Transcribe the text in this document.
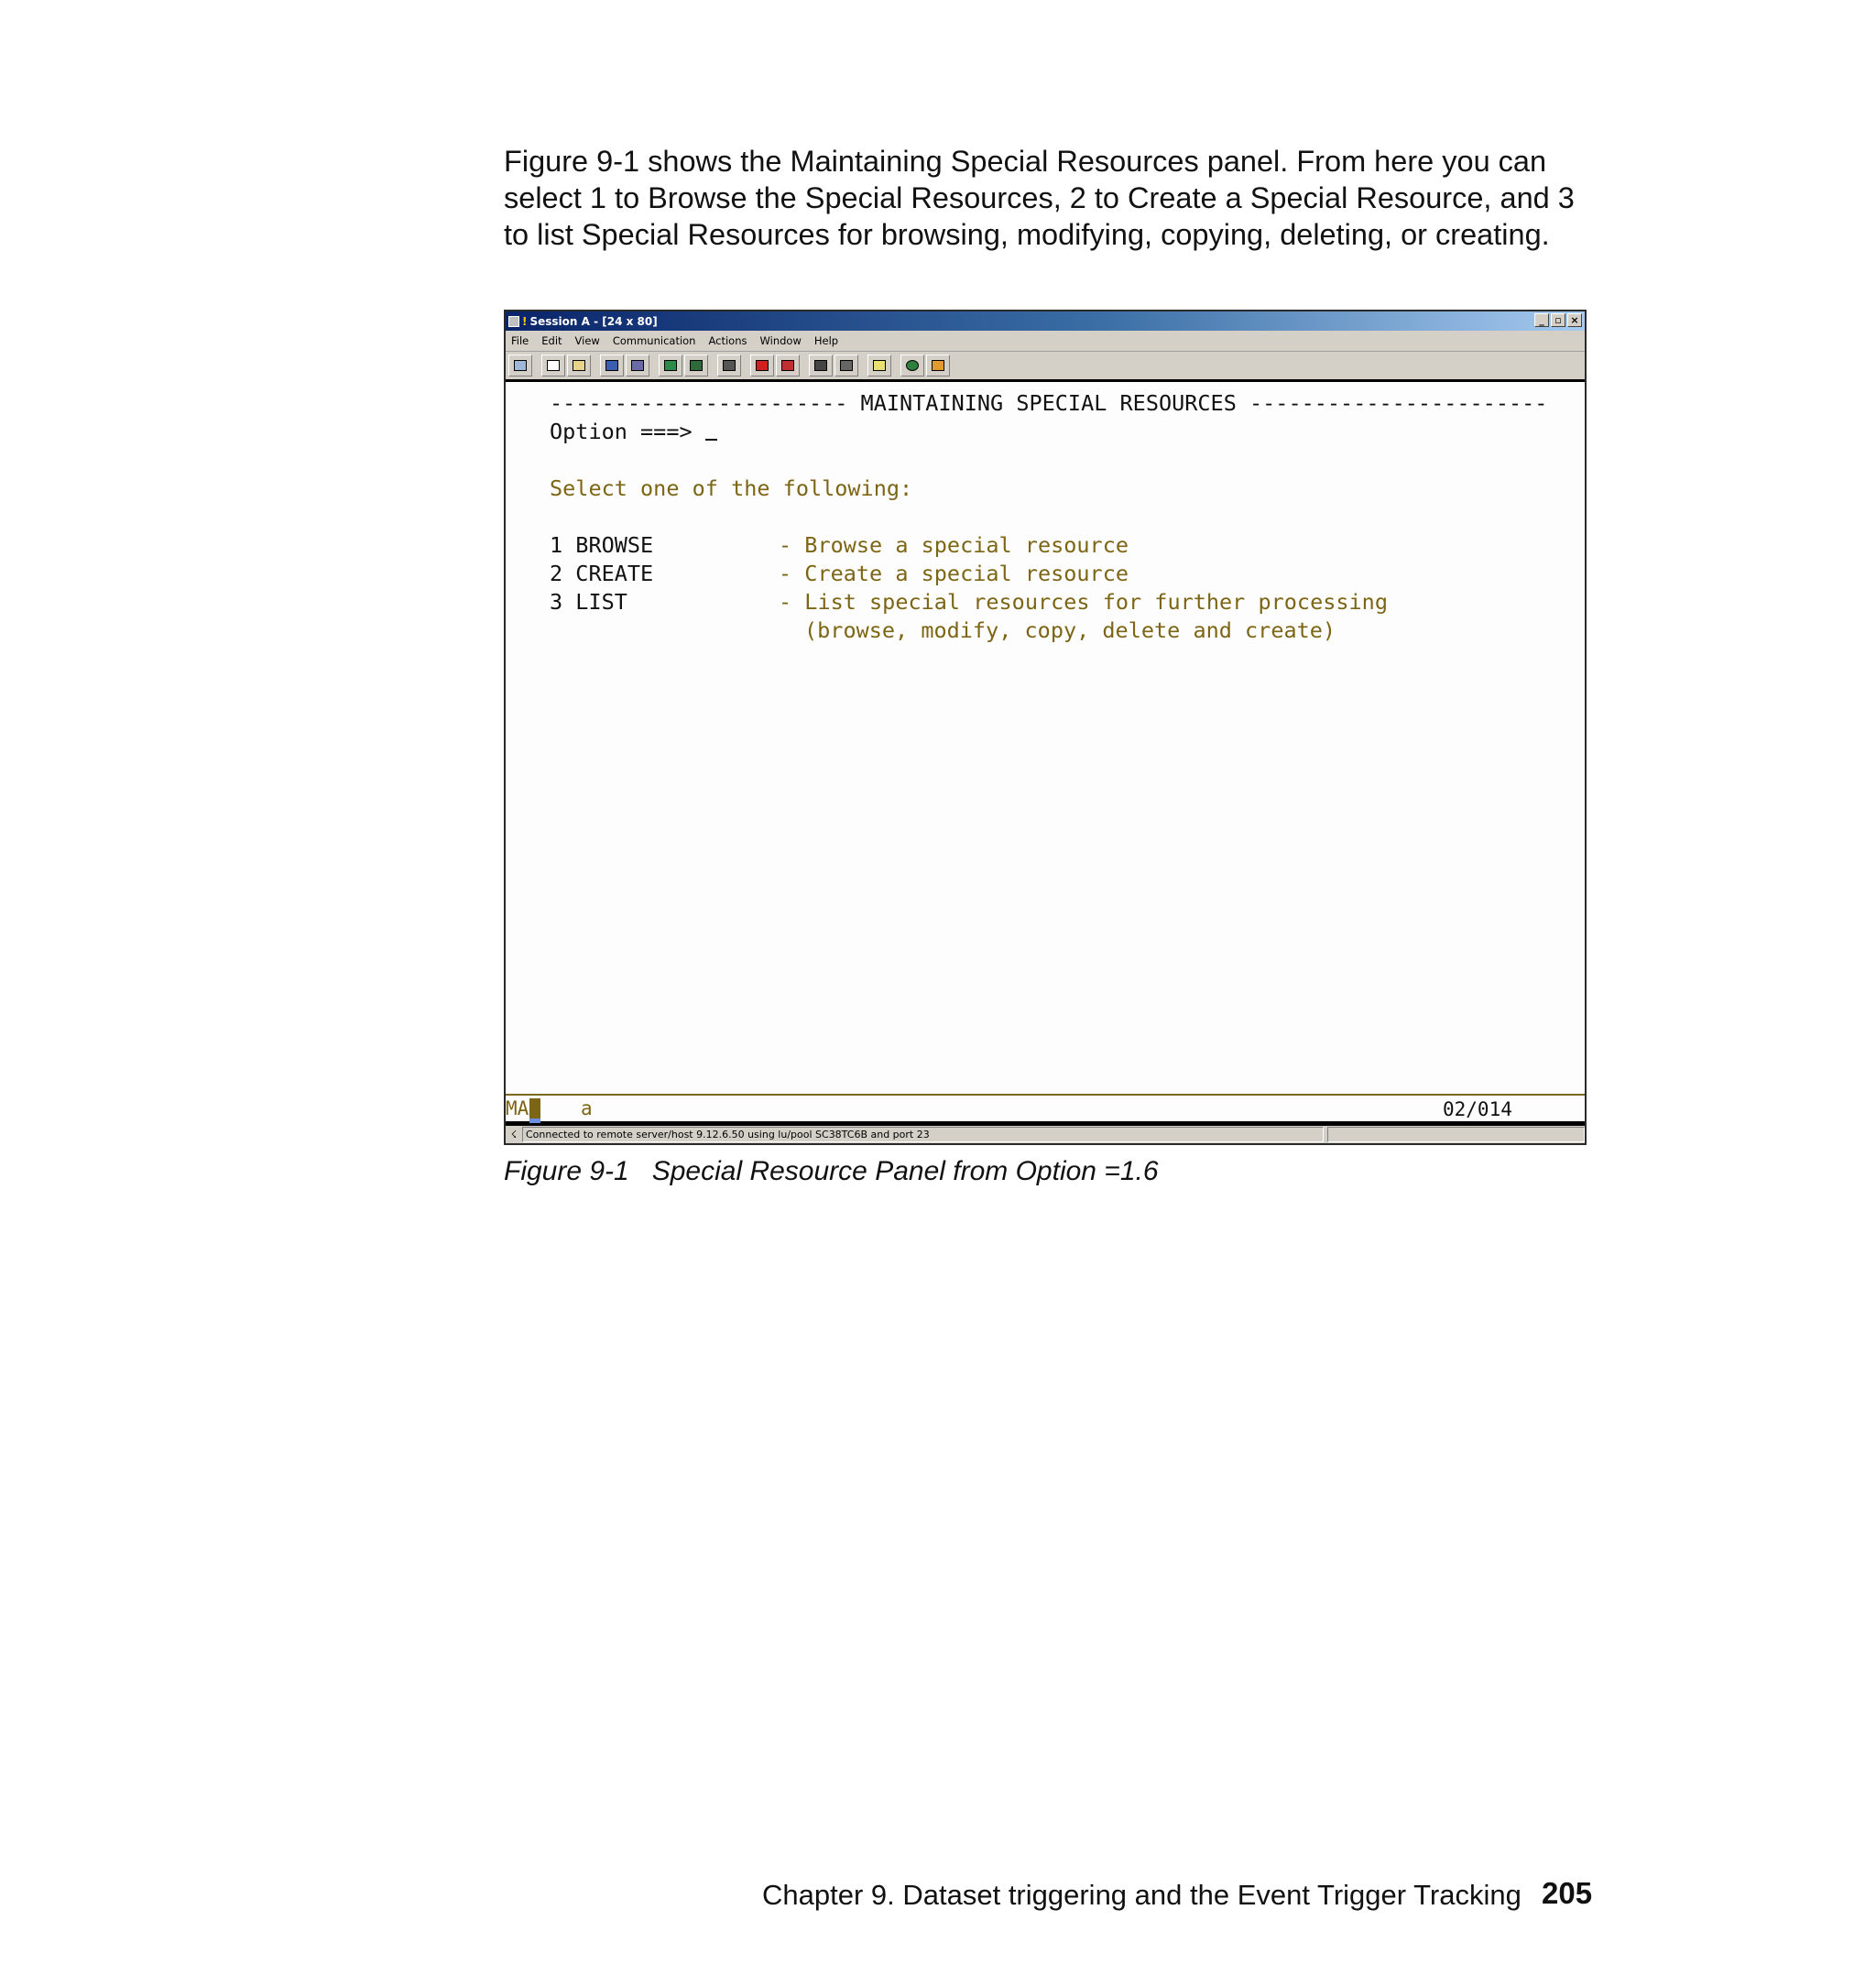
Figure 9-1 shows the Maintaining Special Resources panel. From here you can select 1 to Browse the Special Resources, 2 to Create a Special Resource, and 3 to list Special Resources for browsing, modifying, copying, deleting, or creating.

! Session A - [24 x 80]	_	▫ ×
File Edit View Communication Actions Window Help

----------------------- MAINTAINING SPECIAL RESOURCES -----------------------

Option ===>

Select one of the following:

1 BROWSE

	- Browse a special resource

2 CREATE

	- Create a special resource

3 LIST

	- List special resources for further processing

(browse, modify, copy, delete and create)

MA

	a

	02/014

☇ Connected to remote server/host 9.12.6.50 using lu/pool SC38TC6B and port 23
Figure 9-1   Special Resource Panel from Option =1.6
Chapter 9. Dataset triggering and the Event Trigger Tracking 205
